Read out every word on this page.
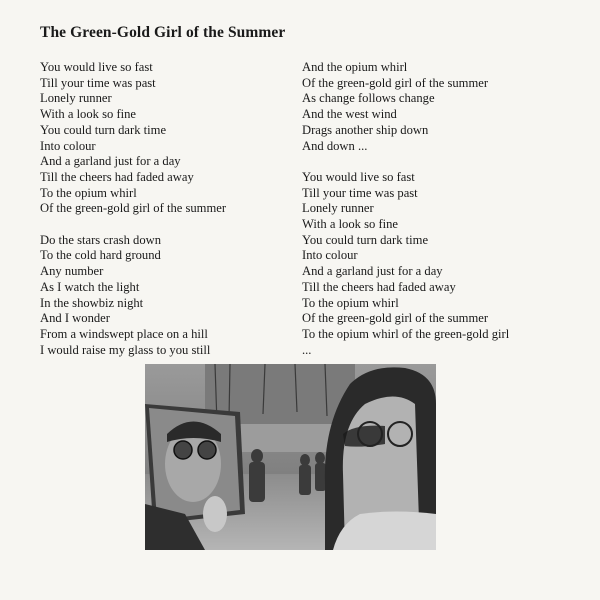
The Green-Gold Girl of the Summer
You would live so fast
Till your time was past
Lonely runner
With a look so fine
You could turn dark time
Into colour
And a garland just for a day
Till the cheers had faded away
To the opium whirl
Of the green-gold girl of the summer
Do the stars crash down
To the cold hard ground
Any number
As I watch the light
In the showbiz night
And I wonder
From a windswept place on a hill
I would raise my glass to you still
And the opium whirl
Of the green-gold girl of the summer
As change follows change
And the west wind
Drags another ship down
And down ...
You would live so fast
Till your time was past
Lonely runner
With a look so fine
You could turn dark time
Into colour
And a garland just for a day
Till the cheers had faded away
To the opium whirl
Of the green-gold girl of the summer
To the opium whirl of the green-gold girl
...
